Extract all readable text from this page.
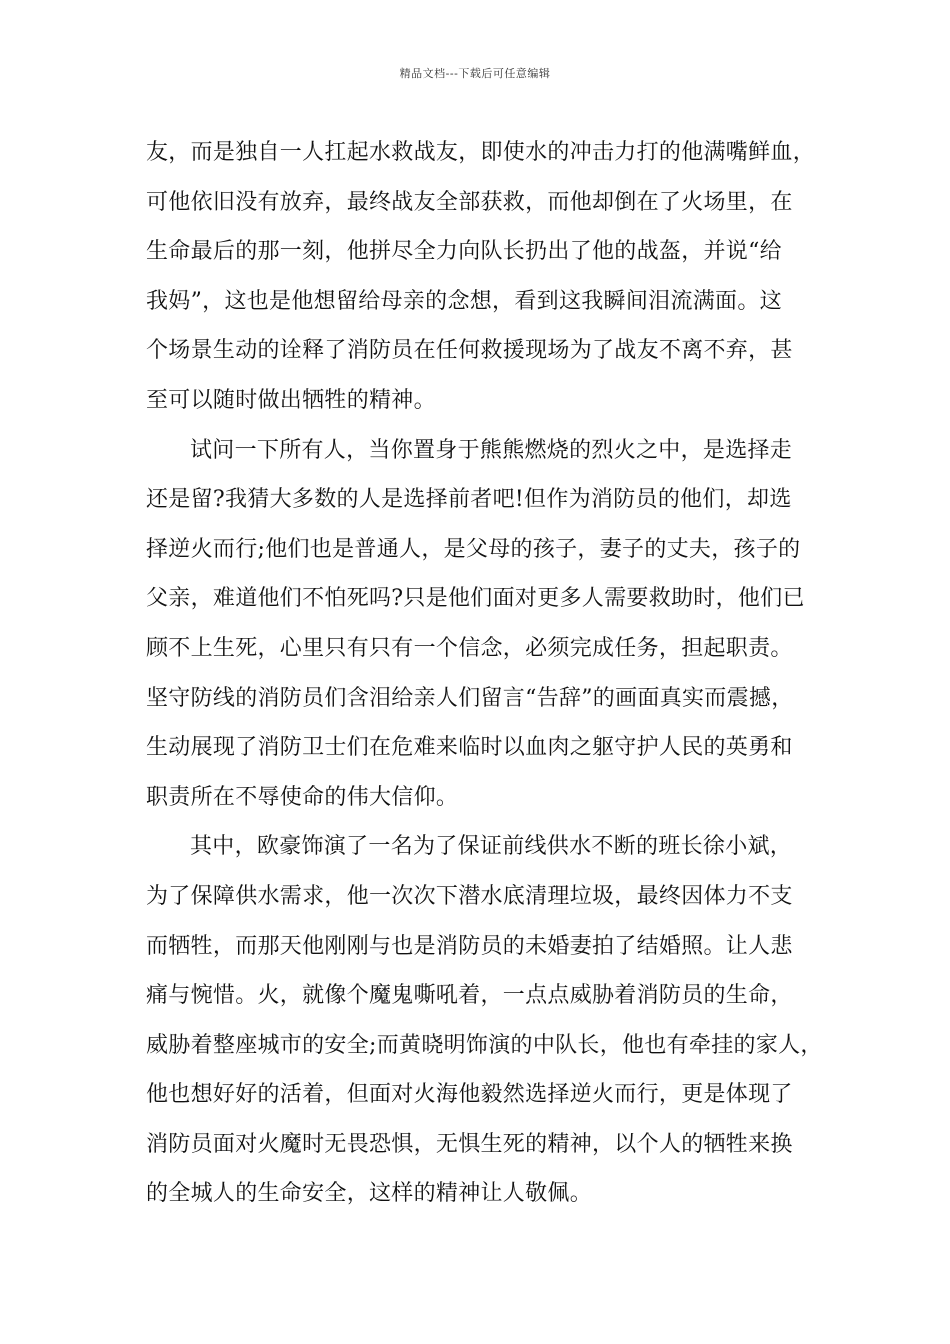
精品文档---下载后可任意编辑
友，而是独自一人扛起水救战友，即使水的冲击力打的他满嘴鲜血，
可他依旧没有放弃，最终战友全部获救，而他却倒在了火场里，在
生命最后的那一刻，他拼尽全力向队长扔出了他的战盔，并说“给
我妈”，这也是他想留给母亲的念想，看到这我瞬间泪流满面。这
个场景生动的诠释了消防员在任何救援现场为了战友不离不弃，甚
至可以随时做出牺牲的精神。
试问一下所有人，当你置身于熊熊燃烧的烈火之中，是选择走
还是留?我猜大多数的人是选择前者吧!但作为消防员的他们，却选
择逆火而行;他们也是普通人，是父母的孩子，妻子的丈夫，孩子的
父亲，难道他们不怕死吗?只是他们面对更多人需要救助时，他们已
顾不上生死，心里只有只有一个信念，必须完成任务，担起职责。
坚守防线的消防员们含泪给亲人们留言“告辞”的画面真实而震撼，
生动展现了消防卫士们在危难来临时以血肉之躯守护人民的英勇和
职责所在不辱使命的伟大信仰。
其中，欧豪饰演了一名为了保证前线供水不断的班长徐小斌，
为了保障供水需求，他一次次下潜水底清理垃圾，最终因体力不支
而牺牲，而那天他刚刚与也是消防员的未婚妻拍了结婚照。让人悲
痛与惋惜。火，就像个魔鬼嘶吼着，一点点威胁着消防员的生命，
威胁着整座城市的安全;而黄晓明饰演的中队长，他也有牵挂的家人，
他也想好好的活着，但面对火海他毅然选择逆火而行，更是体现了
消防员面对火魔时无畏恐惧，无惧生死的精神，以个人的牺牲来换
的全城人的生命安全，这样的精神让人敬佩。
